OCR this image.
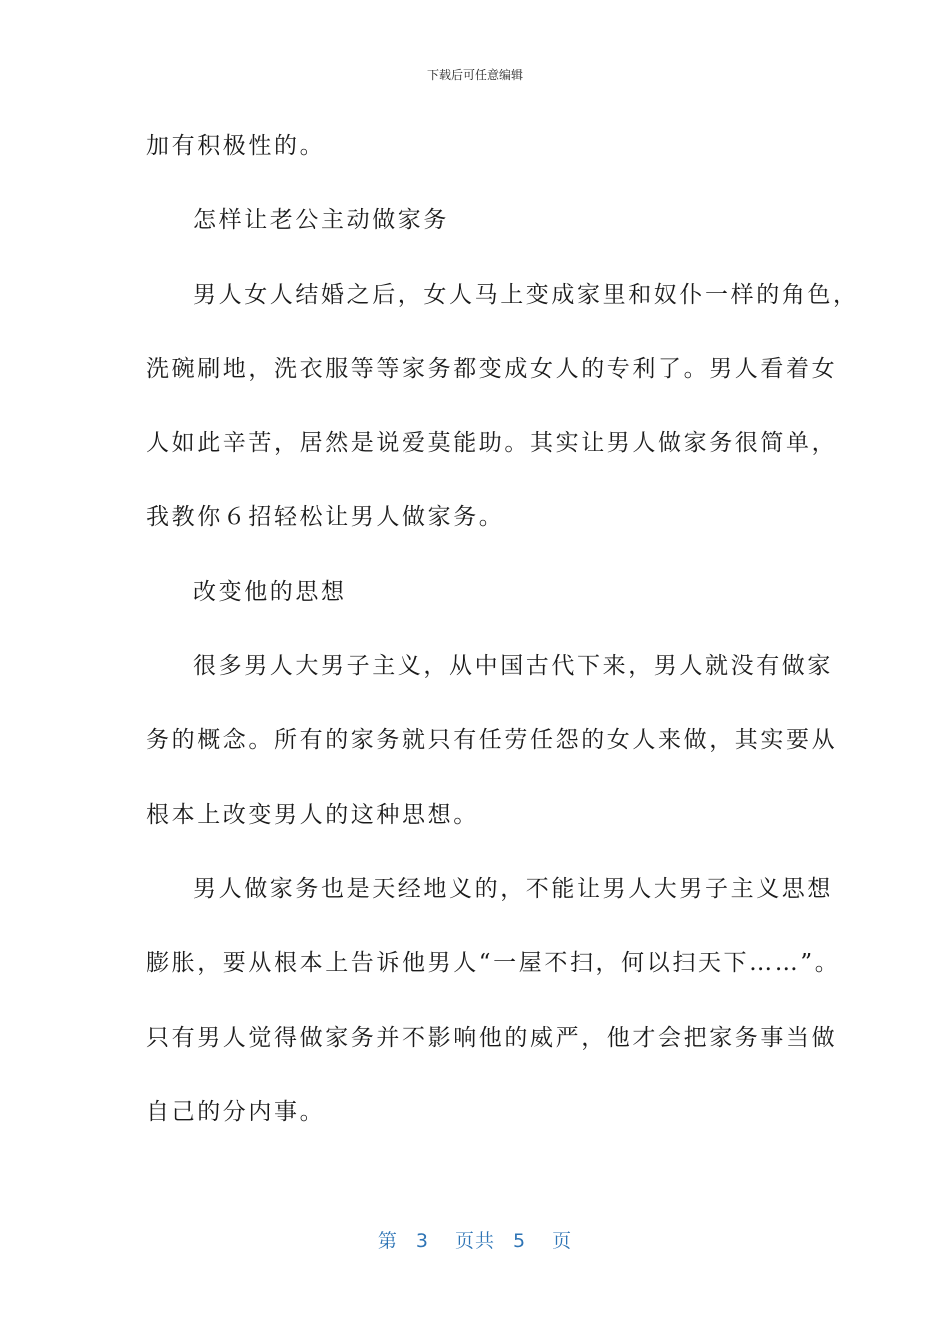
下载后可任意编辑
加有积极性的。
怎样让老公主动做家务
男人女人结婚之后，女人马上变成家里和奴仆一样的角色，
洗碗刷地，洗衣服等等家务都变成女人的专利了。男人看着女
人如此辛苦，居然是说爱莫能助。其实让男人做家务很简单，
我教你６招轻松让男人做家务。
改变他的思想
很多男人大男子主义，从中国古代下来，男人就没有做家
务的概念。所有的家务就只有任劳任怨的女人来做，其实要从
根本上改变男人的这种思想。
男人做家务也是天经地义的，不能让男人大男子主义思想
膨胀，要从根本上告诉他男人“一屋不扫，何以扫天下……”。
只有男人觉得做家务并不影响他的威严，他才会把家务事当做
自己的分内事。
第 3 页共 5 页
